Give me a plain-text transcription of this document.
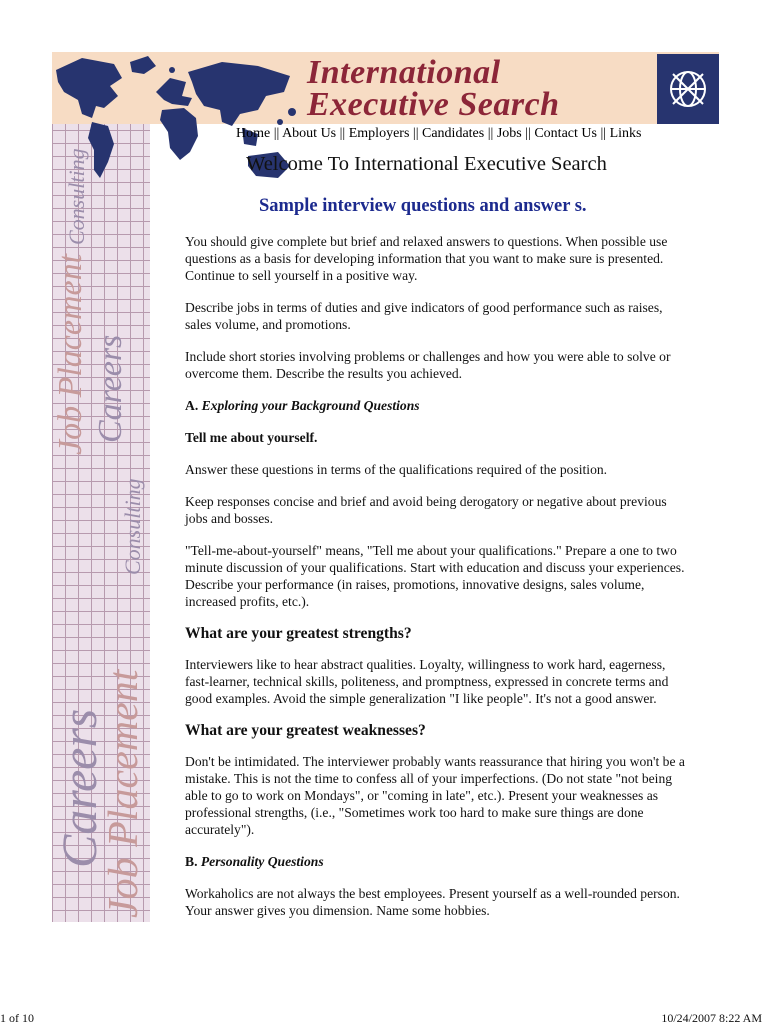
Consulting
Job Placement Careers
Consulting
Careers
Job Placement
International
Executive Search
Home || About Us || Employers || Candidates || Jobs || Contact Us || Links
Welcome To International Executive Search
Sample interview questions and answer s.

You should give complete but brief and relaxed answers to questions. When possible use questions as a basis for developing information that you want to make sure is presented. Continue to sell yourself in a positive way.

Describe jobs in terms of duties and give indicators of good performance such as raises, sales volume, and promotions.

Include short stories involving problems or challenges and how you were able to solve or overcome them. Describe the results you achieved.

A. Exploring your Background Questions

Tell me about yourself.

Answer these questions in terms of the qualifications required of the position.

Keep responses concise and brief and avoid being derogatory or negative about previous jobs and bosses.

"Tell-me-about-yourself" means, "Tell me about your qualifications." Prepare a one to two minute discussion of your qualifications. Start with education and discuss your experiences. Describe your performance (in raises, promotions, innovative designs, sales volume, increased profits, etc.).

What are your greatest strengths?

Interviewers like to hear abstract qualities. Loyalty, willingness to work hard, eagerness, fast-learner, technical skills, politeness, and promptness, expressed in concrete terms and good examples. Avoid the simple generalization "I like people". It's not a good answer.

What are your greatest weaknesses?

Don't be intimidated. The interviewer probably wants reassurance that hiring you won't be a mistake. This is not the time to confess all of your imperfections. (Do not state "not being able to go to work on Mondays", or "coming in late", etc.). Present your weaknesses as professional strengths, (i.e., "Sometimes work too hard to make sure things are done accurately").

B. Personality Questions

Workaholics are not always the best employees. Present yourself as a well-rounded person. Your answer gives you dimension. Name some hobbies.

1 of 10	10/24/2007 8:22 AM
